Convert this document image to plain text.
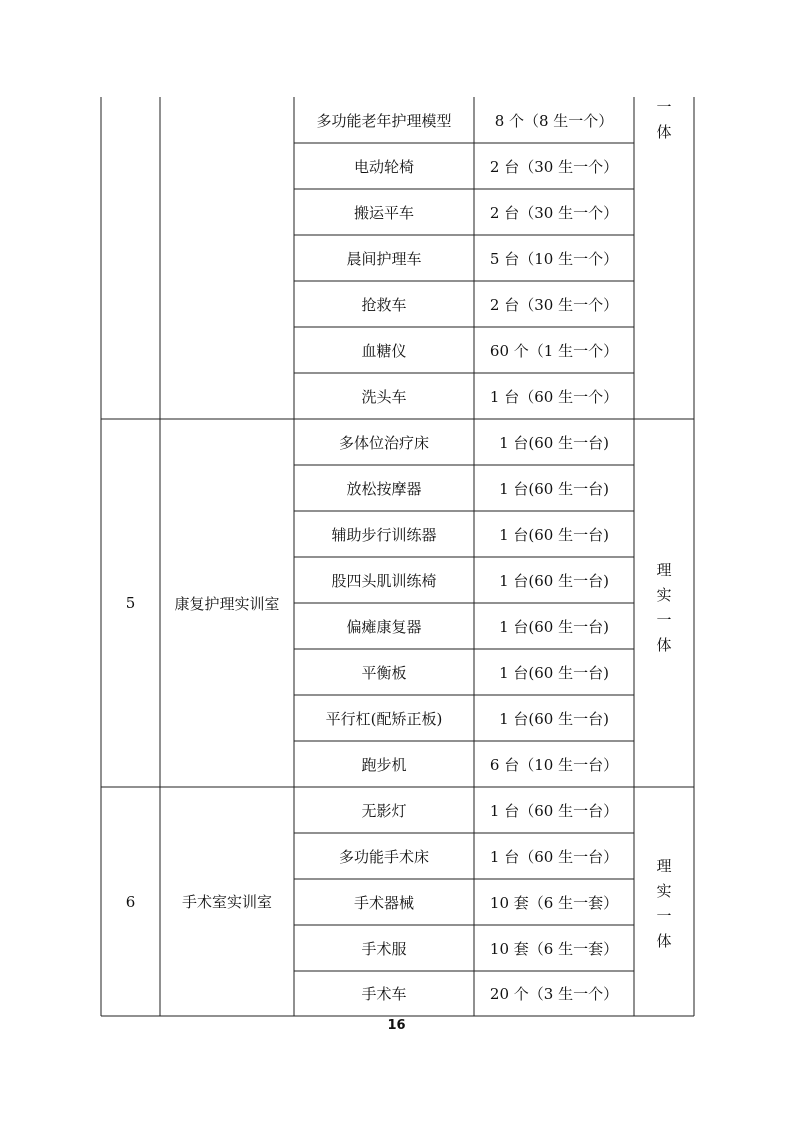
多功能老年护理模型	8 个（8 生一个）
电动轮椅	2 台（30 生一个）
搬运平车	2 台（30 生一个）
晨间护理车	5 台（10 生一个）
抢救车	2 台（30 生一个）
血糖仪	60 个（1 生一个）
洗头车	1 台（60 生一个）
一
体
5	康复护理实训室
多体位治疗床	1 台(60 生一台)
放松按摩器	1 台(60 生一台)
辅助步行训练器	1 台(60 生一台)
股四头肌训练椅	1 台(60 生一台)
偏瘫康复器	1 台(60 生一台)
平衡板	1 台(60 生一台)
平行杠(配矫正板)	1 台(60 生一台)
跑步机	6 台（10 生一台）
理
实
一
体
6	手术室实训室
无影灯	1 台（60 生一台）
多功能手术床	1 台（60 生一台）
手术器械	10 套（6 生一套）
手术服	10 套（6 生一套）
手术车	20 个（3 生一个）
理
实
一
体
16
